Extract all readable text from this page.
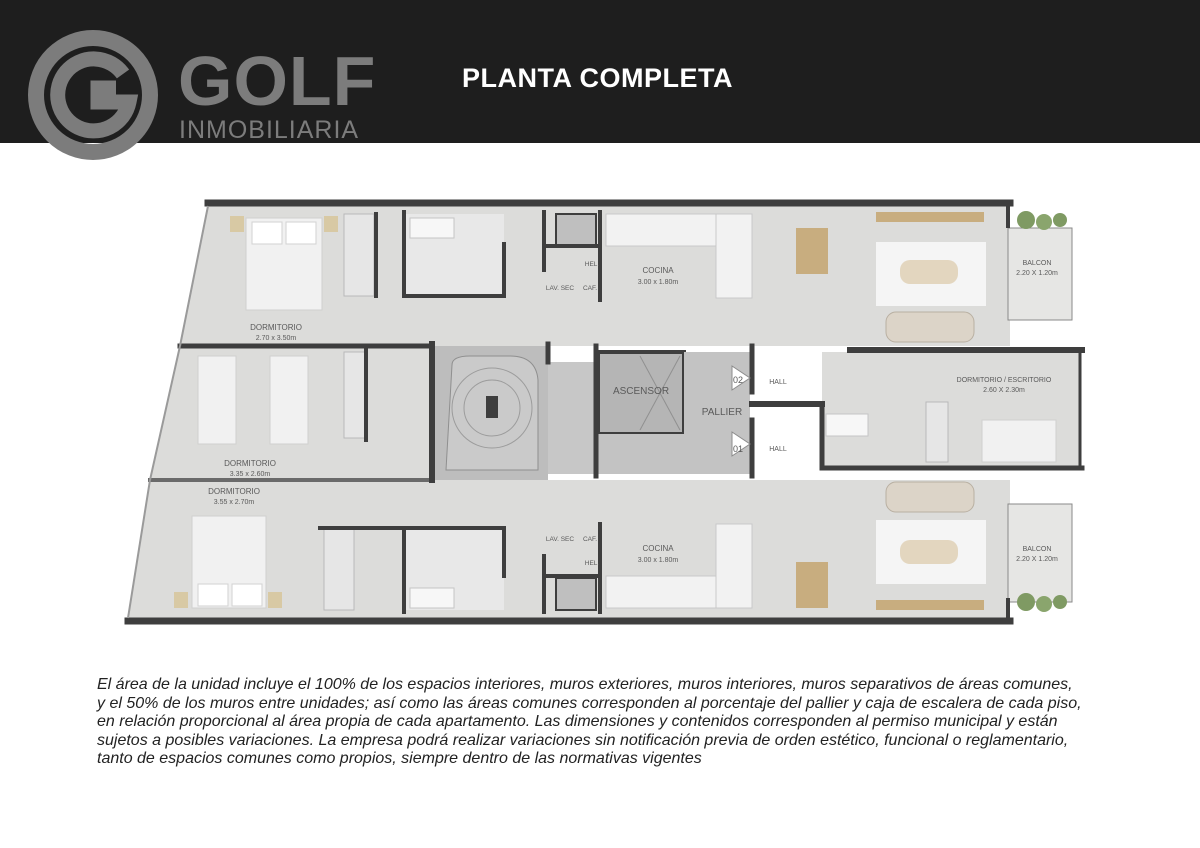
GOLF
INMOBILIARIA
PLANTA COMPLETA
DORMITORIO
2.70 x 3.50m
DORMITORIO
3.35 x 2.60m
DORMITORIO
3.55 x 2.70m
COCINA
3.00 x 1.80m
COCINA
3.00 x 1.80m
BALCON
2.20 X 1.20m
BALCON
2.20 X 1.20m
DORMITORIO / ESCRITORIO
2.60 X 2.30m
LAV. SEC CAF.
HEL.
LAV. SEC CAF.
HEL.
ASCENSOR
PALLIER
HALL
HALL
02
01
El área de la unidad incluye el 100% de los espacios interiores, muros exteriores, muros interiores, muros separativos de áreas comunes,
y el 50% de los muros entre unidades; así como las áreas comunes corresponden al porcentaje del pallier y caja de escalera de cada piso,
en relación proporcional al área propia de cada apartamento. Las dimensiones y contenidos corresponden al permiso municipal y están
sujetos a posibles variaciones. La empresa podrá realizar variaciones sin notificación previa de orden estético, funcional o reglamentario,
tanto de espacios comunes como propios, siempre dentro de las normativas vigentes
